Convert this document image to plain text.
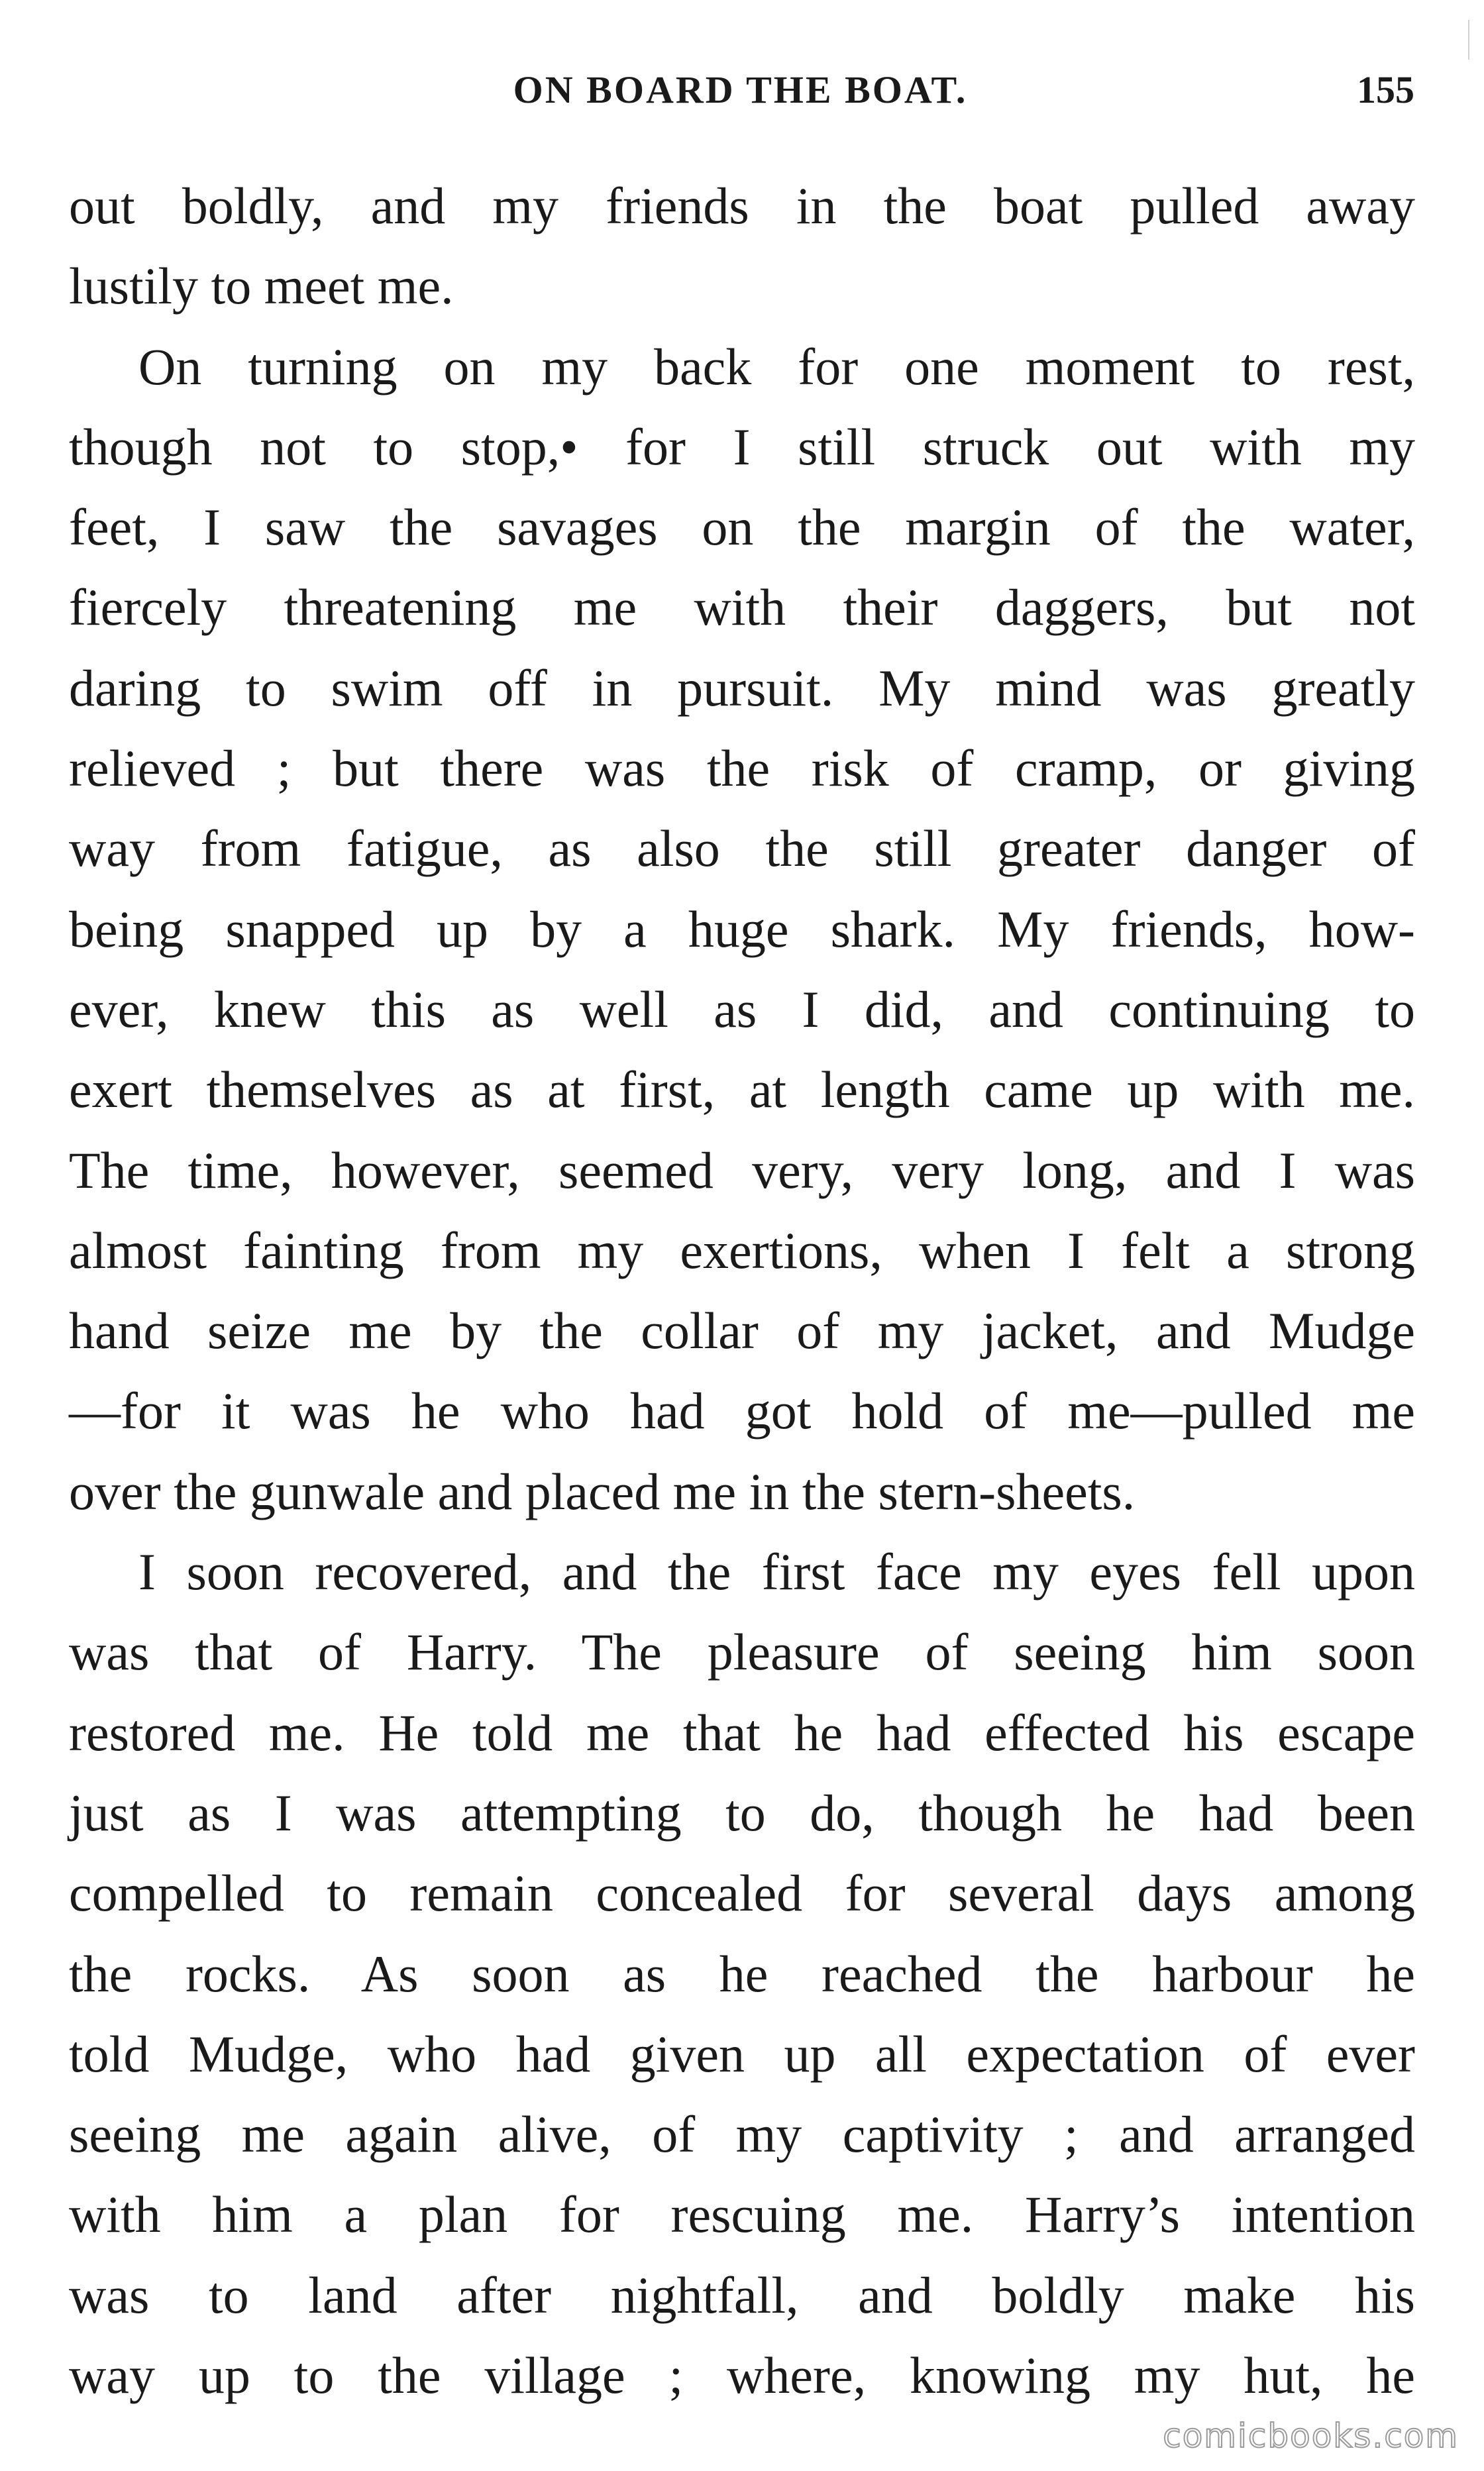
ON BOARD THE BOAT.	155
out boldly, and my friends in the boat pulled away
lustily to meet me.
On turning on my back for one moment to rest,
though not to stop,• for I still struck out with my
feet, I saw the savages on the margin of the water,
fiercely threatening me with their daggers, but not
daring to swim off in pursuit. My mind was greatly
relieved ; but there was the risk of cramp, or giving
way from fatigue, as also the still greater danger of
being snapped up by a huge shark. My friends, how-
ever, knew this as well as I did, and continuing to
exert themselves as at first, at length came up with me.
The time, however, seemed very, very long, and I was
almost fainting from my exertions, when I felt a strong
hand seize me by the collar of my jacket, and Mudge
—for it was he who had got hold of me—pulled me
over the gunwale and placed me in the stern-sheets.
I soon recovered, and the first face my eyes fell upon
was that of Harry. The pleasure of seeing him soon
restored me. He told me that he had effected his escape
just as I was attempting to do, though he had been
compelled to remain concealed for several days among
the rocks. As soon as he reached the harbour he
told Mudge, who had given up all expectation of ever
seeing me again alive, of my captivity ; and arranged
with him a plan for rescuing me. Harry’s intention
was to land after nightfall, and boldly make his
way up to the village ; where, knowing my hut, he
comicbooks.com
